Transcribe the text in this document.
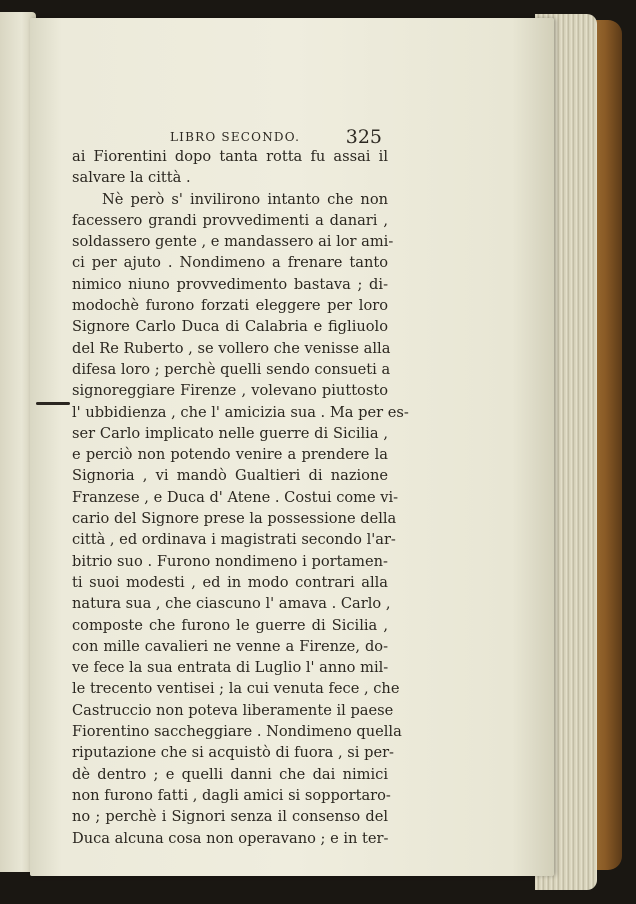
LIBRO SECONDO. 325
ai Fiorentini dopo tanta rotta fu assai il
salvare la città .
Nè però s' invilirono intanto che non
facessero grandi provvedimenti a danari ,
soldassero gente , e mandassero ai lor ami-
ci per ajuto . Nondimeno a frenare tanto
nimico niuno provvedimento bastava ; di-
modochè furono forzati eleggere per loro
Signore Carlo Duca di Calabria e figliuolo
del Re Ruberto , se vollero che venisse alla
difesa loro ; perchè quelli sendo consueti a
signoreggiare Firenze , volevano piuttosto
l' ubbidienza , che l' amicizia sua . Ma per es-
ser Carlo implicato nelle guerre di Sicilia ,
e perciò non potendo venire a prendere la
Signoria , vi mandò Gualtieri di nazione
Franzese , e Duca d' Atene . Costui come vi-
cario del Signore prese la possessione della
città , ed ordinava i magistrati secondo l'ar-
bitrio suo . Furono nondimeno i portamen-
ti suoi modesti , ed in modo contrari alla
natura sua , che ciascuno l' amava . Carlo ,
composte che furono le guerre di Sicilia ,
con mille cavalieri ne venne a Firenze, do-
ve fece la sua entrata di Luglio l' anno mil-
le trecento ventisei ; la cui venuta fece , che
Castruccio non poteva liberamente il paese
Fiorentino saccheggiare . Nondimeno quella
riputazione che si acquistò di fuora , si per-
dè dentro ; e quelli danni che dai nimici
non furono fatti , dagli amici si sopportaro-
no ; perchè i Signori senza il consenso del
Duca alcuna cosa non operavano ; e in ter-
